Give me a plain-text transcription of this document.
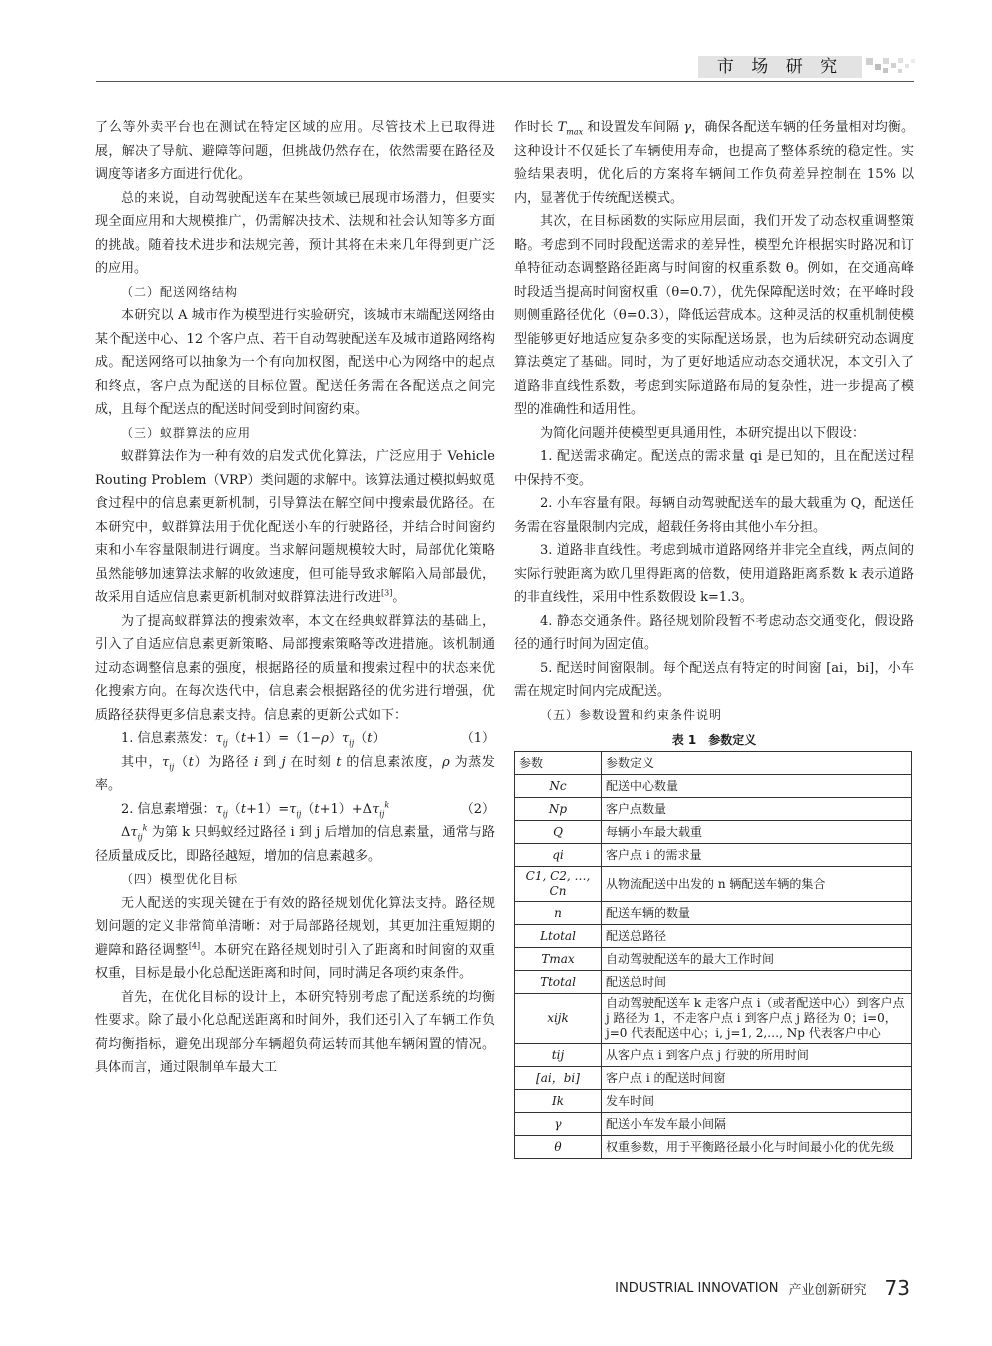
市 场 研 究

了么等外卖平台也在测试在特定区域的应用。尽管技术上已取得进展，解决了导航、避障等问题，但挑战仍然存在，依然需要在路径及调度等诸多方面进行优化。

总的来说，自动驾驶配送车在某些领域已展现市场潜力，但要实现全面应用和大规模推广，仍需解决技术、法规和社会认知等多方面的挑战。随着技术进步和法规完善，预计其将在未来几年得到更广泛的应用。

（二）配送网络结构

本研究以 A 城市作为模型进行实验研究，该城市末端配送网络由某个配送中心、12 个客户点、若干自动驾驶配送车及城市道路网络构成。配送网络可以抽象为一个有向加权图，配送中心为网络中的起点和终点，客户点为配送的目标位置。配送任务需在各配送点之间完成，且每个配送点的配送时间受到时间窗约束。

（三）蚁群算法的应用

蚁群算法作为一种有效的启发式优化算法，广泛应用于 Vehicle Routing Problem（VRP）类问题的求解中。该算法通过模拟蚂蚁觅食过程中的信息素更新机制，引导算法在解空间中搜索最优路径。在本研究中，蚁群算法用于优化配送小车的行驶路径，并结合时间窗约束和小车容量限制进行调度。当求解问题规模较大时，局部优化策略虽然能够加速算法求解的收敛速度，但可能导致求解陷入局部最优，故采用自适应信息素更新机制对蚁群算法进行改进[3]。

为了提高蚁群算法的搜索效率，本文在经典蚁群算法的基础上，引入了自适应信息素更新策略、局部搜索策略等改进措施。该机制通过动态调整信息素的强度，根据路径的质量和搜索过程中的状态来优化搜索方向。在每次迭代中，信息素会根据路径的优劣进行增强，优质路径获得更多信息素支持。信息素的更新公式如下：

1. 信息素蒸发：$\tau_{ij}(t+1)=(1-\rho)\tau_{ij}(t)$	（1）

其中，$\tau_{ij}(t)$为路径 i 到 j 在时刻 t 的信息素浓度，ρ 为蒸发率。

2. 信息素增强：$\tau_{ij}(t+1)=\tau_{ij}(t+1)+\Delta\tau_{ij}^k$	（2）

$\Delta\tau_{ij}^k$ 为第 k 只蚂蚁经过路径 i 到 j 后增加的信息素量，通常与路径质量成反比，即路径越短，增加的信息素越多。

（四）模型优化目标

无人配送的实现关键在于有效的路径规划优化算法支持。路径规划问题的定义非常简单清晰：对于局部路径规划，其更加注重短期的避障和路径调整[4]。本研究在路径规划时引入了距离和时间窗的双重权重，目标是最小化总配送距离和时间，同时满足各项约束条件。

首先，在优化目标的设计上，本研究特别考虑了配送系统的均衡性要求。除了最小化总配送距离和时间外，我们还引入了车辆工作负荷均衡指标，避免出现部分车辆超负荷运转而其他车辆闲置的情况。具体而言，通过限制单车最大工

作时长 $T_{max}$ 和设置发车间隔 γ，确保各配送车辆的任务量相对均衡。这种设计不仅延长了车辆使用寿命，也提高了整体系统的稳定性。实验结果表明，优化后的方案将车辆间工作负荷差异控制在 15% 以内，显著优于传统配送模式。

其次，在目标函数的实际应用层面，我们开发了动态权重调整策略。考虑到不同时段配送需求的差异性，模型允许根据实时路况和订单特征动态调整路径距离与时间窗的权重系数 θ。例如，在交通高峰时段适当提高时间窗权重（θ=0.7），优先保障配送时效；在平峰时段则侧重路径优化（θ=0.3），降低运营成本。这种灵活的权重机制使模型能够更好地适应复杂多变的实际配送场景，也为后续研究动态调度算法奠定了基础。同时，为了更好地适应动态交通状况，本文引入了道路非直线性系数，考虑到实际道路布局的复杂性，进一步提高了模型的准确性和适用性。

为简化问题并使模型更具通用性，本研究提出以下假设：

1. 配送需求确定。配送点的需求量 qi 是已知的，且在配送过程中保持不变。

2. 小车容量有限。每辆自动驾驶配送车的最大载重为 Q，配送任务需在容量限制内完成，超载任务将由其他小车分担。

3. 道路非直线性。考虑到城市道路网络并非完全直线，两点间的实际行驶距离为欧几里得距离的倍数，使用道路距离系数 k 表示道路的非直线性，采用中性系数假设 k=1.3。

4. 静态交通条件。路径规划阶段暂不考虑动态交通变化，假设路径的通行时间为固定值。

5. 配送时间窗限制。每个配送点有特定的时间窗 [ai，bi]，小车需在规定时间内完成配送。

（五）参数设置和约束条件说明
表 1　参数定义
参数	参数定义
Nc	配送中心数量
Np	客户点数量
Q	每辆小车最大载重
qi	客户点 i 的需求量
C1, C2, …, Cn	从物流配送中出发的 n 辆配送车辆的集合
n	配送车辆的数量
Ltotal	配送总路径
Tmax	自动驾驶配送车的最大工作时间
Ttotal	配送总时间
xijk	自动驾驶配送车 k 走客户点 i（或者配送中心）到客户点 j 路径为 1，不走客户点 i 到客户点 j 路径为 0；i=0，j=0 代表配送中心；i, j=1, 2,…, Np 代表客户中心
tij	从客户点 i 到客户点 j 行驶的所用时间
[ai，bi]	客户点 i 的配送时间窗
Ik	发车时间
γ	配送小车发车最小间隔
θ	权重参数，用于平衡路径最小化与时间最小化的优先级
INDUSTRIAL INNOVATION 产业创新研究 73
